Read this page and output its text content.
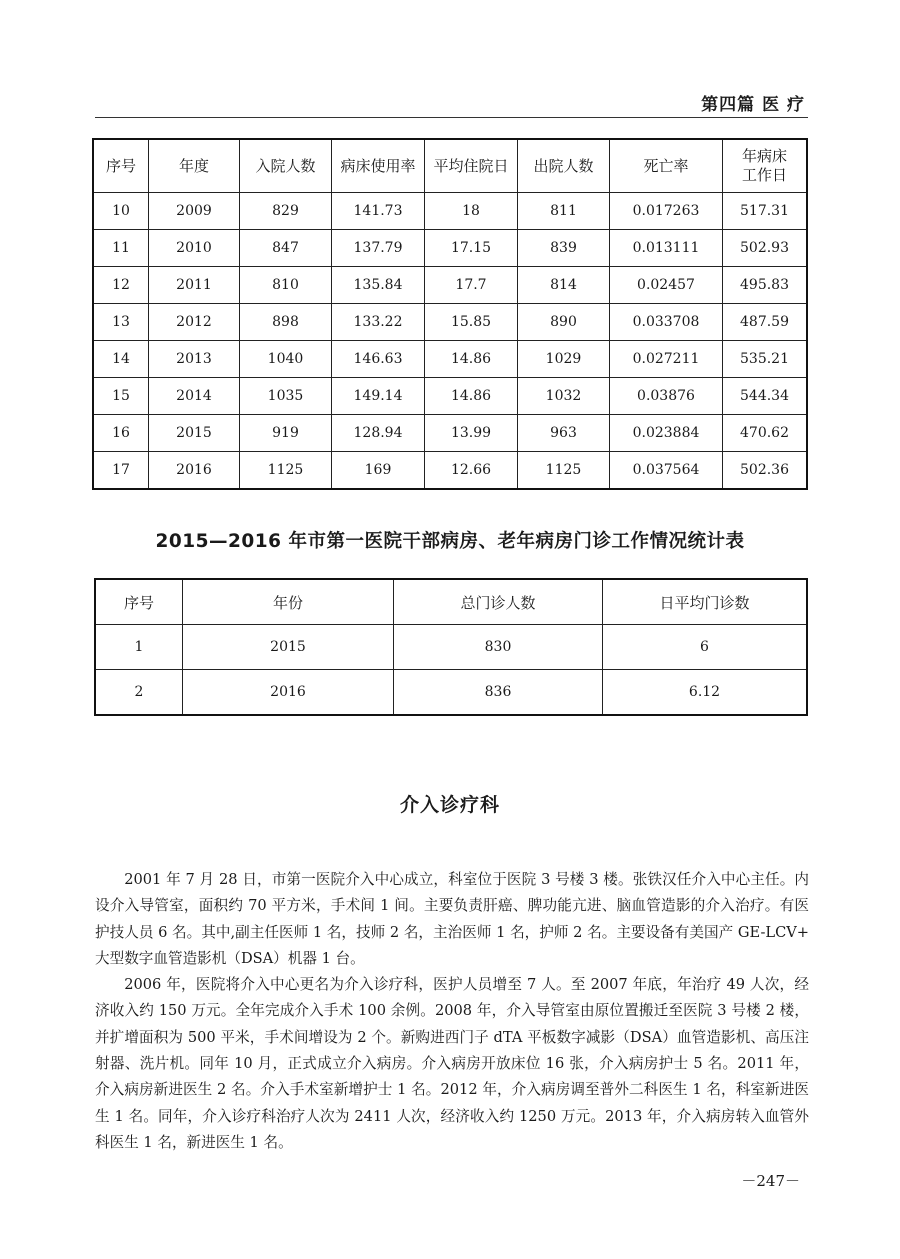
第四篇 医 疗
序号	年度	入院人数	病床使用率	平均住院日	出院人数	死亡率	年病床
工作日
10	2009	829	141.73	18	811	0.017263	517.31
11	2010	847	137.79	17.15	839	0.013111	502.93
12	2011	810	135.84	17.7	814	0.02457	495.83
13	2012	898	133.22	15.85	890	0.033708	487.59
14	2013	1040	146.63	14.86	1029	0.027211	535.21
15	2014	1035	149.14	14.86	1032	0.03876	544.34
16	2015	919	128.94	13.99	963	0.023884	470.62
17	2016	1125	169	12.66	1125	0.037564	502.36
2015—2016 年市第一医院干部病房、老年病房门诊工作情况统计表
序号	年份	总门诊人数	日平均门诊数
1	2015	830	6
2	2016	836	6.12
介入诊疗科

2001 年 7 月 28 日，市第一医院介入中心成立，科室位于医院 3 号楼 3 楼。张铁汉任介入中心主任。内设介入导管室，面积约 70 平方米，手术间 1 间。主要负责肝癌、脾功能亢进、脑血管造影的介入治疗。有医护技人员 6 名。其中,副主任医师 1 名，技师 2 名，主治医师 1 名，护师 2 名。主要设备有美国产 GE-LCV+ 大型数字血管造影机（DSA）机器 1 台。

2006 年，医院将介入中心更名为介入诊疗科，医护人员增至 7 人。至 2007 年底，年治疗 49 人次，经济收入约 150 万元。全年完成介入手术 100 余例。2008 年，介入导管室由原位置搬迁至医院 3 号楼 2 楼，并扩增面积为 500 平米，手术间增设为 2 个。新购进西门子 dTA 平板数字减影（DSA）血管造影机、高压注射器、洗片机。同年 10 月，正式成立介入病房。介入病房开放床位 16 张，介入病房护士 5 名。2011 年，介入病房新进医生 2 名。介入手术室新增护士 1 名。2012 年，介入病房调至普外二科医生 1 名，科室新进医生 1 名。同年，介入诊疗科治疗人次为 2411 人次，经济收入约 1250 万元。2013 年，介入病房转入血管外科医生 1 名，新进医生 1 名。

－247－
